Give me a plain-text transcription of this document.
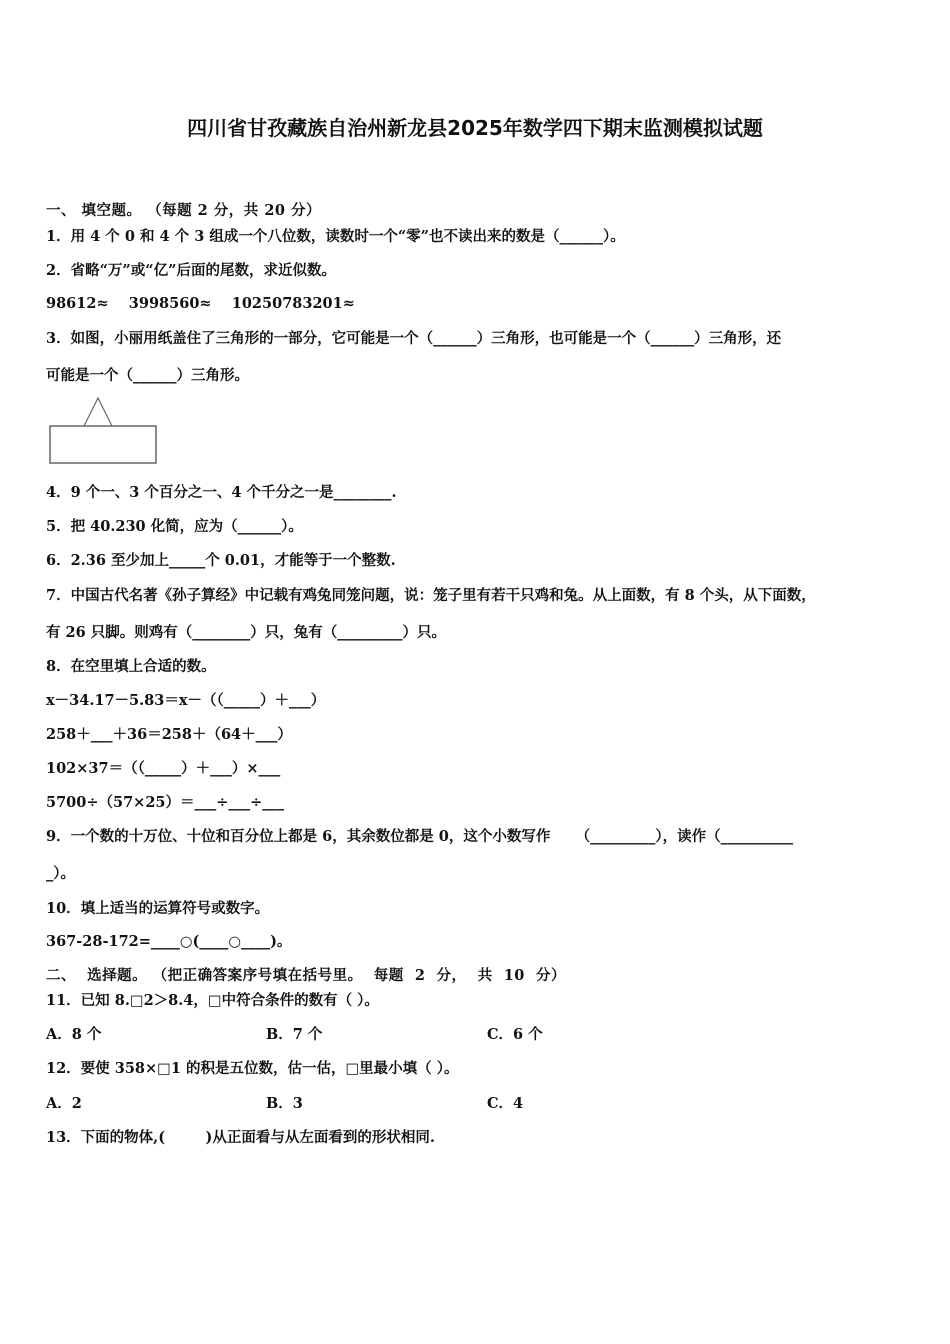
四川省甘孜藏族自治州新龙县2025年数学四下期末监测模拟试题
一、 填空题。 （每题 2 分，共 20 分）
1．用 4 个 0 和 4 个 3 组成一个八位数，读数时一个“零”也不读出来的数是（______）。
2．省略“万”或“亿”后面的尾数，求近似数。
98612≈    3998560≈    10250783201≈
3．如图，小丽用纸盖住了三角形的一部分，它可能是一个（______）三角形，也可能是一个（______）三角形，还
可能是一个（______）三角形。
4．9 个一、3 个百分之一、4 个千分之一是________.
5．把 40.230 化简，应为（______）。
6．2.36 至少加上_____个 0.01，才能等于一个整数.
7．中国古代名著《孙子算经》中记载有鸡兔同笼问题，说：笼子里有若干只鸡和兔。从上面数，有 8 个头，从下面数，
有 26 只脚。则鸡有（________）只，兔有（_________）只。
8．在空里填上合适的数。
x－34.17－5.83＝x－（（_____）＋___）
258＋___＋36＝258＋（64＋___）
102×37＝（（_____）＋___）×___
5700÷（57×25）＝___÷___÷___
9．一个数的十万位、十位和百分位上都是 6，其余数位都是 0，这个小数写作     （_________），读作（__________
_）。
10．填上适当的运算符号或数字。
367-28-172=____○(____○____)。
二、  选择题。 （把正确答案序号填在括号里。  每题  2  分，  共  10  分）
11．已知 8.□2＞8.4，□中符合条件的数有（ ）。
A．8 个	B．7 个	C．6 个
12．要使 358×□1 的积是五位数，估一估，□里最小填（ ）。
A．2	B．3	C．4
13．下面的物体,(        )从正面看与从左面看到的形状相同.
